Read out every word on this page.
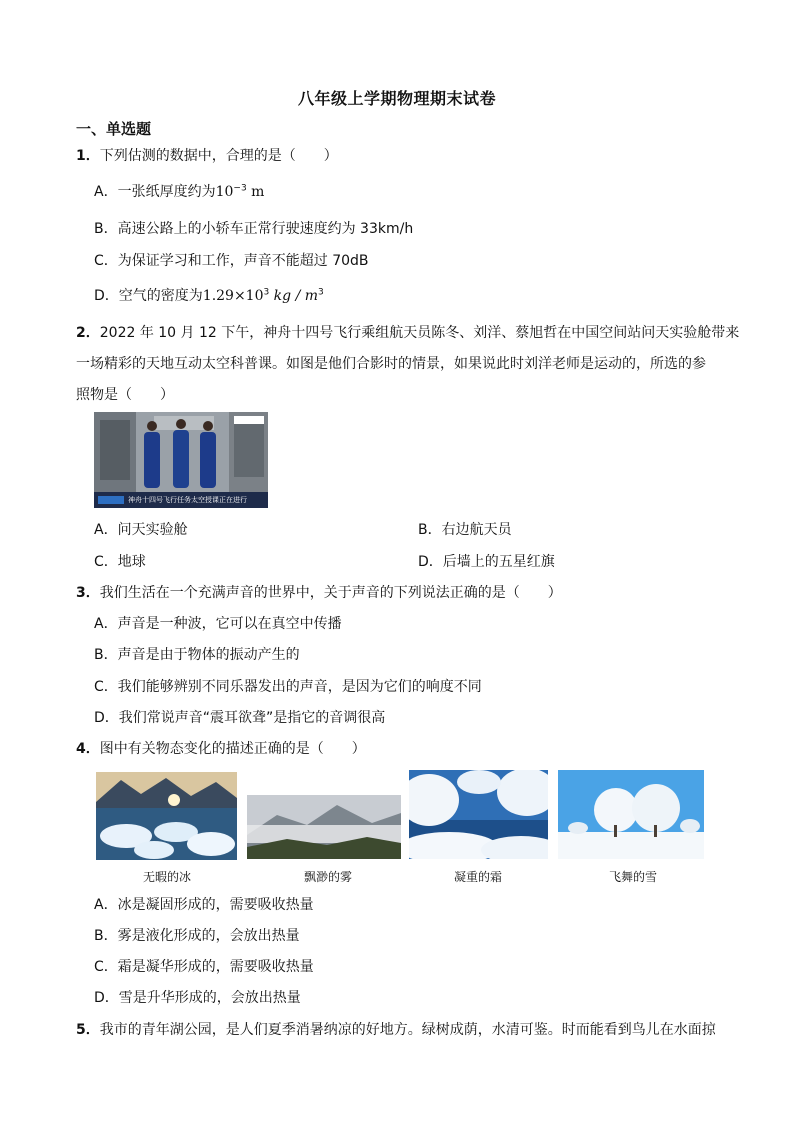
八年级上学期物理期末试卷
一、单选题
1．下列估测的数据中，合理的是（　　）
A．一张纸厚度约为$10^{-3}$ m
B．高速公路上的小轿车正常行驶速度约为 33km/h
C．为保证学习和工作，声音不能超过 70dB
D．空气的密度为$1.29\times 10^3$ kg / $m^3$
2．2022 年 10 月 12 下午，神舟十四号飞行乘组航天员陈冬、刘洋、蔡旭哲在中国空间站问天实验舱带来
一场精彩的天地互动太空科普课。如图是他们合影时的情景，如果说此时刘洋老师是运动的，所选的参
照物是（　　）
神舟十四号飞行任务太空授课正在进行
A．问天实验舱	B．右边航天员
C．地球	D．后墙上的五星红旗
3．我们生活在一个充满声音的世界中，关于声音的下列说法正确的是（　　）
A．声音是一种波，它可以在真空中传播
B．声音是由于物体的振动产生的
C．我们能够辨别不同乐器发出的声音，是因为它们的响度不同
D．我们常说声音“震耳欲聋”是指它的音调很高
4．图中有关物态变化的描述正确的是（　　）
无暇的冰	飘渺的雾	凝重的霜	飞舞的雪
A．冰是凝固形成的，需要吸收热量
B．雾是液化形成的，会放出热量
C．霜是凝华形成的，需要吸收热量
D．雪是升华形成的，会放出热量
5．我市的青年湖公园，是人们夏季消暑纳凉的好地方。绿树成荫，水清可鉴。时而能看到鸟儿在水面掠
